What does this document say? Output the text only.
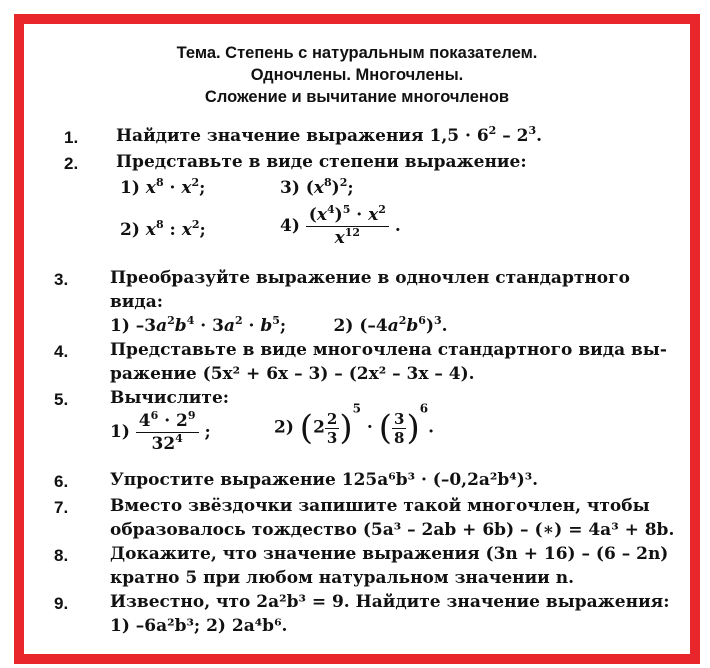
Тема. Степень с натуральным показателем.
Одночлены. Многочлены.
Сложение и вычитание многочленов
1. Найдите значение выражения $1,5 \cdot 6^2 - 2^3$.
2. Представьте в виде степени выражение:
1) $x^8 \cdot x^2$;	3) $(x^8)^2$;
2) $x^8$ : $x^2$;	$4) \frac{(x^4)^5 \cdot x^2}{x^{12}}$ .
3. Преобразуйте выражение в одночлен стандартного
вида:
1) $-3a^2b^4 \cdot 3a^2 \cdot b^5$;        2) $(-4a^2b^6)^3$.
4. Представьте в виде многочлена стандартного вида вы-
ражение (5x² + 6x – 3) – (2x² – 3x – 4).
5. Вычислите:
$1) \frac{4^6 \cdot 2^9}{32^4}$ ;	2) $(2 \frac{2}{3} )^5$ · ( $\frac{3}{8} )^6$.
6. Упростите выражение 125a⁶b³ · (–0,2a²b⁴)³.
7. Вместо звёздочки запишите такой многочлен, чтобы
образовалось тождество (5a³ – 2ab + 6b) – (∗) = 4a³ + 8b.
8. Докажите, что значение выражения (3n + 16) – (6 – 2n)
кратно 5 при любом натуральном значении n.
9. Известно, что 2a²b³ = 9. Найдите значение выражения:
1) –6a²b³; 2) 2a⁴b⁶.
